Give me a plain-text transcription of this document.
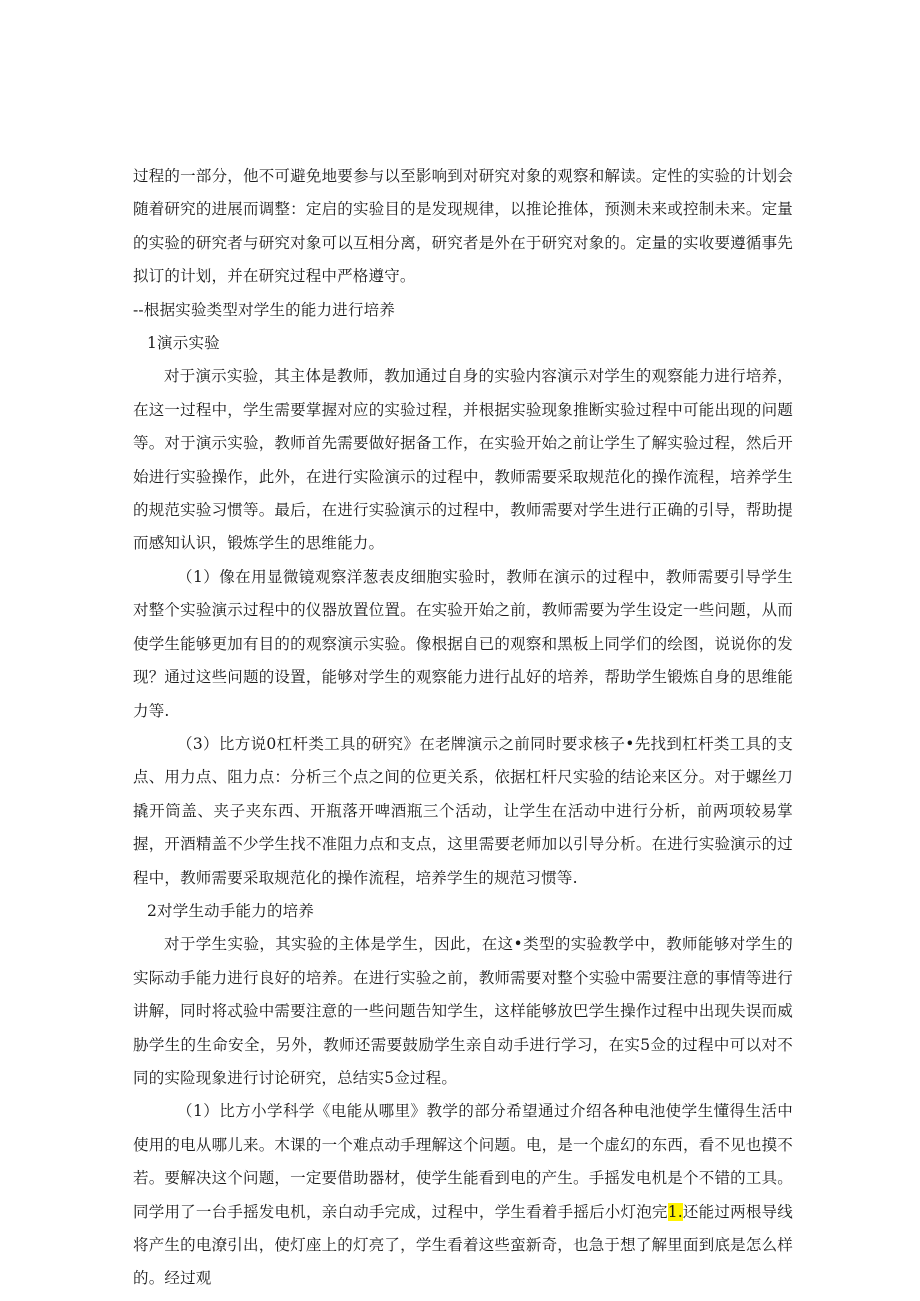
过程的一部分，他不可避免地要参与以至影响到对研究对象的观察和解读。定性的实验的计划会随着研究的进展而调整：定启的实验目的是发现规律，以推论推体，预测未来或控制未来。定量的实验的研究者与研究对象可以互相分离，研究者是外在于研究对象的。定量的实收要遵循事先拟订的计划，并在研究过程中严格遵守。

--根据实验类型对学生的能力进行培养

1演示实验

对于演示实验，其主体是教师，教加通过自身的实验内容演示对学生的观察能力进行培养，在这一过程中，学生需要掌握对应的实验过程，并根据实验现象推断实验过程中可能出现的问题等。对于演示实验，教师首先需要做好据备工作，在实验开始之前让学生了解实验过程，然后开始进行实验操作，此外，在进行实险演示的过程中，教师需要采取规范化的操作流程，培养学生的规范实验习惯等。最后，在进行实验演示的过程中，教师需要对学生进行正确的引导，帮助提而感知认识，锻炼学生的思维能力。

（1）像在用显微镜观察洋葱表皮细胞实验时，教师在演示的过程中，教师需要引导学生对整个实验演示过程中的仪器放置位置。在实验开始之前，教师需要为学生设定一些问题，从而使学生能够更加有目的的观察演示实验。像根据自已的观察和黑板上同学们的绘图，说说你的发现？通过这些问题的设置，能够对学生的观察能力进行乩好的培养，帮助学生锻炼自身的思维能力等.

（3）比方说0杠杆类工具的研究》在老牌演示之前同时要求核子•先找到杠杆类工具的支点、用力点、阻力点：分析三个点之间的位更关系，依据杠杆尺实验的结论来区分。对于螺丝刀撬开筒盖、夹子夹东西、开瓶落开啤酒瓶三个活动，让学生在活动中进行分析，前两项较易掌握，开酒精盖不少学生找不准阻力点和支点，这里需要老师加以引导分析。在进行实验演示的过程中，教师需要采取规范化的操作流程，培养学生的规范习惯等.

2对学生动手能力的培养

对于学生实验，其实验的主体是学生，因此，在这•类型的实验教学中，教师能够对学生的实际动手能力进行良好的培养。在进行实验之前，教师需要对整个实验中需要注意的事情等进行讲解，同时将忒验中需要注意的一些问题告知学生，这样能够放巴学生操作过程中出现失误而威胁学生的生命安全，另外，教师还需要鼓励学生亲自动手进行学习，在实5佥的过程中可以对不同的实险现象进行讨论研究，总结实5佥过程。

（1）比方小学科学《电能从哪里》教学的部分希望通过介绍各种电池使学生懂得生活中使用的电从哪儿来。木课的一个难点动手理解这个问题。电，是一个虚幻的东西，看不见也摸不若。要解决这个问题，一定要借助器材，使学生能看到电的产生。手摇发电机是个不错的工具。同学用了一台手摇发电机，亲白动手完成，过程中，学生看着手摇后小灯泡完1.还能过两根导线将产生的电潦引出，使灯座上的灯亮了，学生看着这些蛮新奇，也急于想了解里面到底是怎么样的。经过观
